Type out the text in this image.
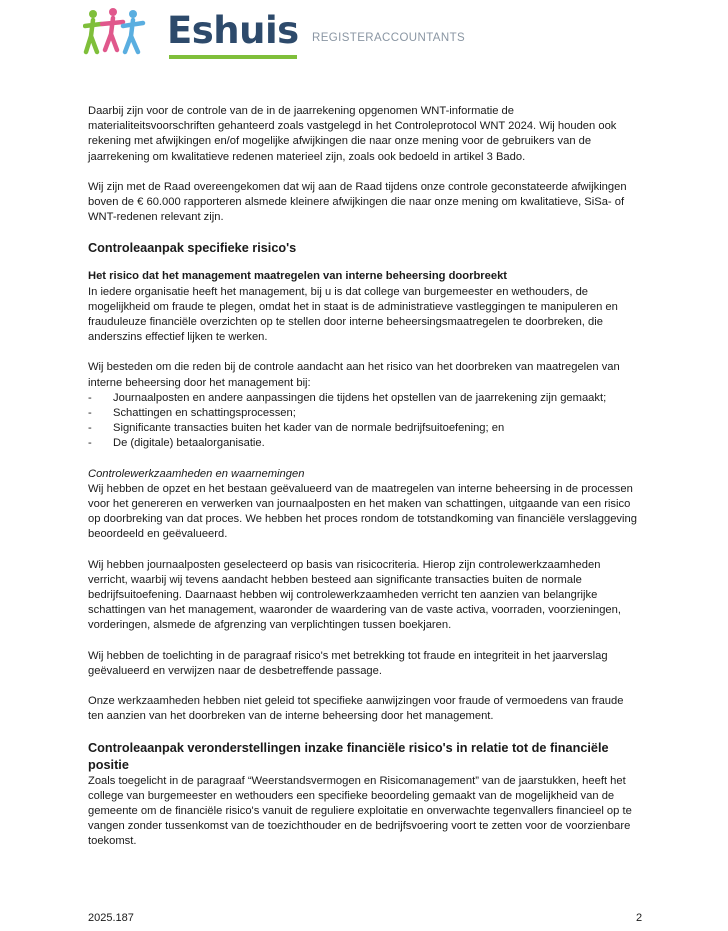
Eshuis REGISTERACCOUNTANTS

Daarbij zijn voor de controle van de in de jaarrekening opgenomen WNT-informatie de materialiteitsvoorschriften gehanteerd zoals vastgelegd in het Controleprotocol WNT 2024. Wij houden ook rekening met afwijkingen en/of mogelijke afwijkingen die naar onze mening voor de gebruikers van de jaarrekening om kwalitatieve redenen materieel zijn, zoals ook bedoeld in artikel 3 Bado.

Wij zijn met de Raad overeengekomen dat wij aan de Raad tijdens onze controle geconstateerde afwijkingen boven de € 60.000 rapporteren alsmede kleinere afwijkingen die naar onze mening om kwalitatieve, SiSa- of WNT-redenen relevant zijn.

Controleaanpak specifieke risico's

Het risico dat het management maatregelen van interne beheersing doorbreekt

In iedere organisatie heeft het management, bij u is dat college van burgemeester en wethouders, de mogelijkheid om fraude te plegen, omdat het in staat is de administratieve vastleggingen te manipuleren en frauduleuze financiële overzichten op te stellen door interne beheersingsmaatregelen te doorbreken, die anderszins effectief lijken te werken.

Wij besteden om die reden bij de controle aandacht aan het risico van het doorbreken van maatregelen van interne beheersing door het management bij:

- Journaalposten en andere aanpassingen die tijdens het opstellen van de jaarrekening zijn gemaakt;
- Schattingen en schattingsprocessen;
- Significante transacties buiten het kader van de normale bedrijfsuitoefening; en
- De (digitale) betaalorganisatie.

Controlewerkzaamheden en waarnemingen

Wij hebben de opzet en het bestaan geëvalueerd van de maatregelen van interne beheersing in de processen voor het genereren en verwerken van journaalposten en het maken van schattingen, uitgaande van een risico op doorbreking van dat proces. We hebben het proces rondom de totstandkoming van financiële verslaggeving beoordeeld en geëvalueerd.

Wij hebben journaalposten geselecteerd op basis van risicocriteria. Hierop zijn controlewerkzaamheden verricht, waarbij wij tevens aandacht hebben besteed aan significante transacties buiten de normale bedrijfsuitoefening. Daarnaast hebben wij controlewerkzaamheden verricht ten aanzien van belangrijke schattingen van het management, waaronder de waardering van de vaste activa, voorraden, voorzieningen, vorderingen, alsmede de afgrenzing van verplichtingen tussen boekjaren.

Wij hebben de toelichting in de paragraaf risico's met betrekking tot fraude en integriteit in het jaarverslag geëvalueerd en verwijzen naar de desbetreffende passage.

Onze werkzaamheden hebben niet geleid tot specifieke aanwijzingen voor fraude of vermoedens van fraude ten aanzien van het doorbreken van de interne beheersing door het management.

Controleaanpak veronderstellingen inzake financiële risico's in relatie tot de financiële positie

Zoals toegelicht in de paragraaf “Weerstandsvermogen en Risicomanagement” van de jaarstukken, heeft het college van burgemeester en wethouders een specifieke beoordeling gemaakt van de mogelijkheid van de gemeente om de financiële risico's vanuit de reguliere exploitatie en onverwachte tegenvallers financieel op te vangen zonder tussenkomst van de toezichthouder en de bedrijfsvoering voort te zetten voor de voorzienbare toekomst.

2025.187	2
